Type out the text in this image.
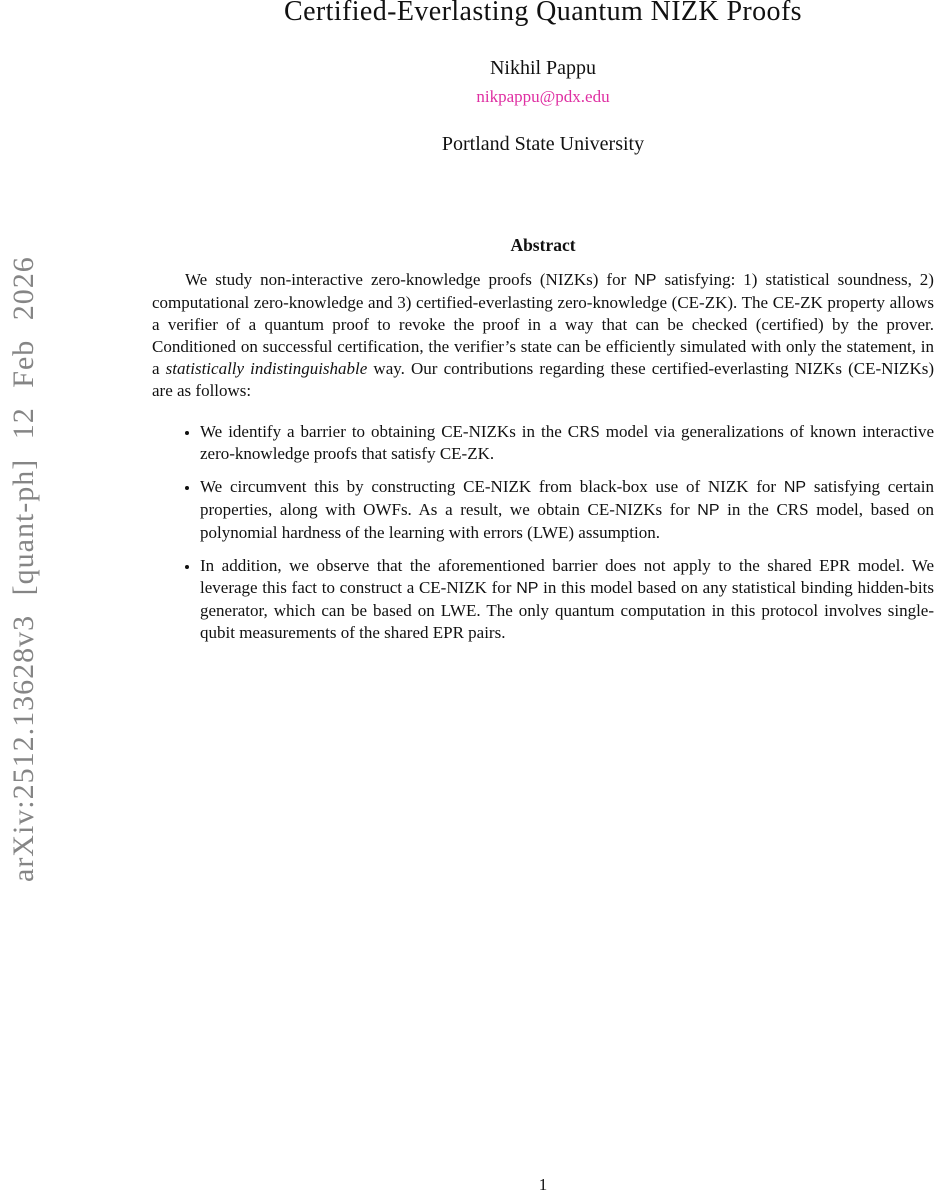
arXiv:2512.13628v3 [quant-ph] 12 Feb 2026
Certified-Everlasting Quantum NIZK Proofs
Nikhil Pappu
nikpappu@pdx.edu
Portland State University
Abstract

We study non-interactive zero-knowledge proofs (NIZKs) for NP satisfying: 1) statistical soundness, 2) computational zero-knowledge and 3) certified-everlasting zero-knowledge (CE-ZK). The CE-ZK property allows a verifier of a quantum proof to revoke the proof in a way that can be checked (certified) by the prover. Conditioned on successful certification, the verifier’s state can be efficiently simulated with only the statement, in a statistically indistinguishable way. Our contributions regarding these certified-everlasting NIZKs (CE-NIZKs) are as follows:

• We identify a barrier to obtaining CE-NIZKs in the CRS model via generalizations of known interactive zero-knowledge proofs that satisfy CE-ZK.
• We circumvent this by constructing CE-NIZK from black-box use of NIZK for NP satisfying certain properties, along with OWFs. As a result, we obtain CE-NIZKs for NP in the CRS model, based on polynomial hardness of the learning with errors (LWE) assumption.
• In addition, we observe that the aforementioned barrier does not apply to the shared EPR model. We leverage this fact to construct a CE-NIZK for NP in this model based on any statistical binding hidden-bits generator, which can be based on LWE. The only quantum computation in this protocol involves single-qubit measurements of the shared EPR pairs.
1
